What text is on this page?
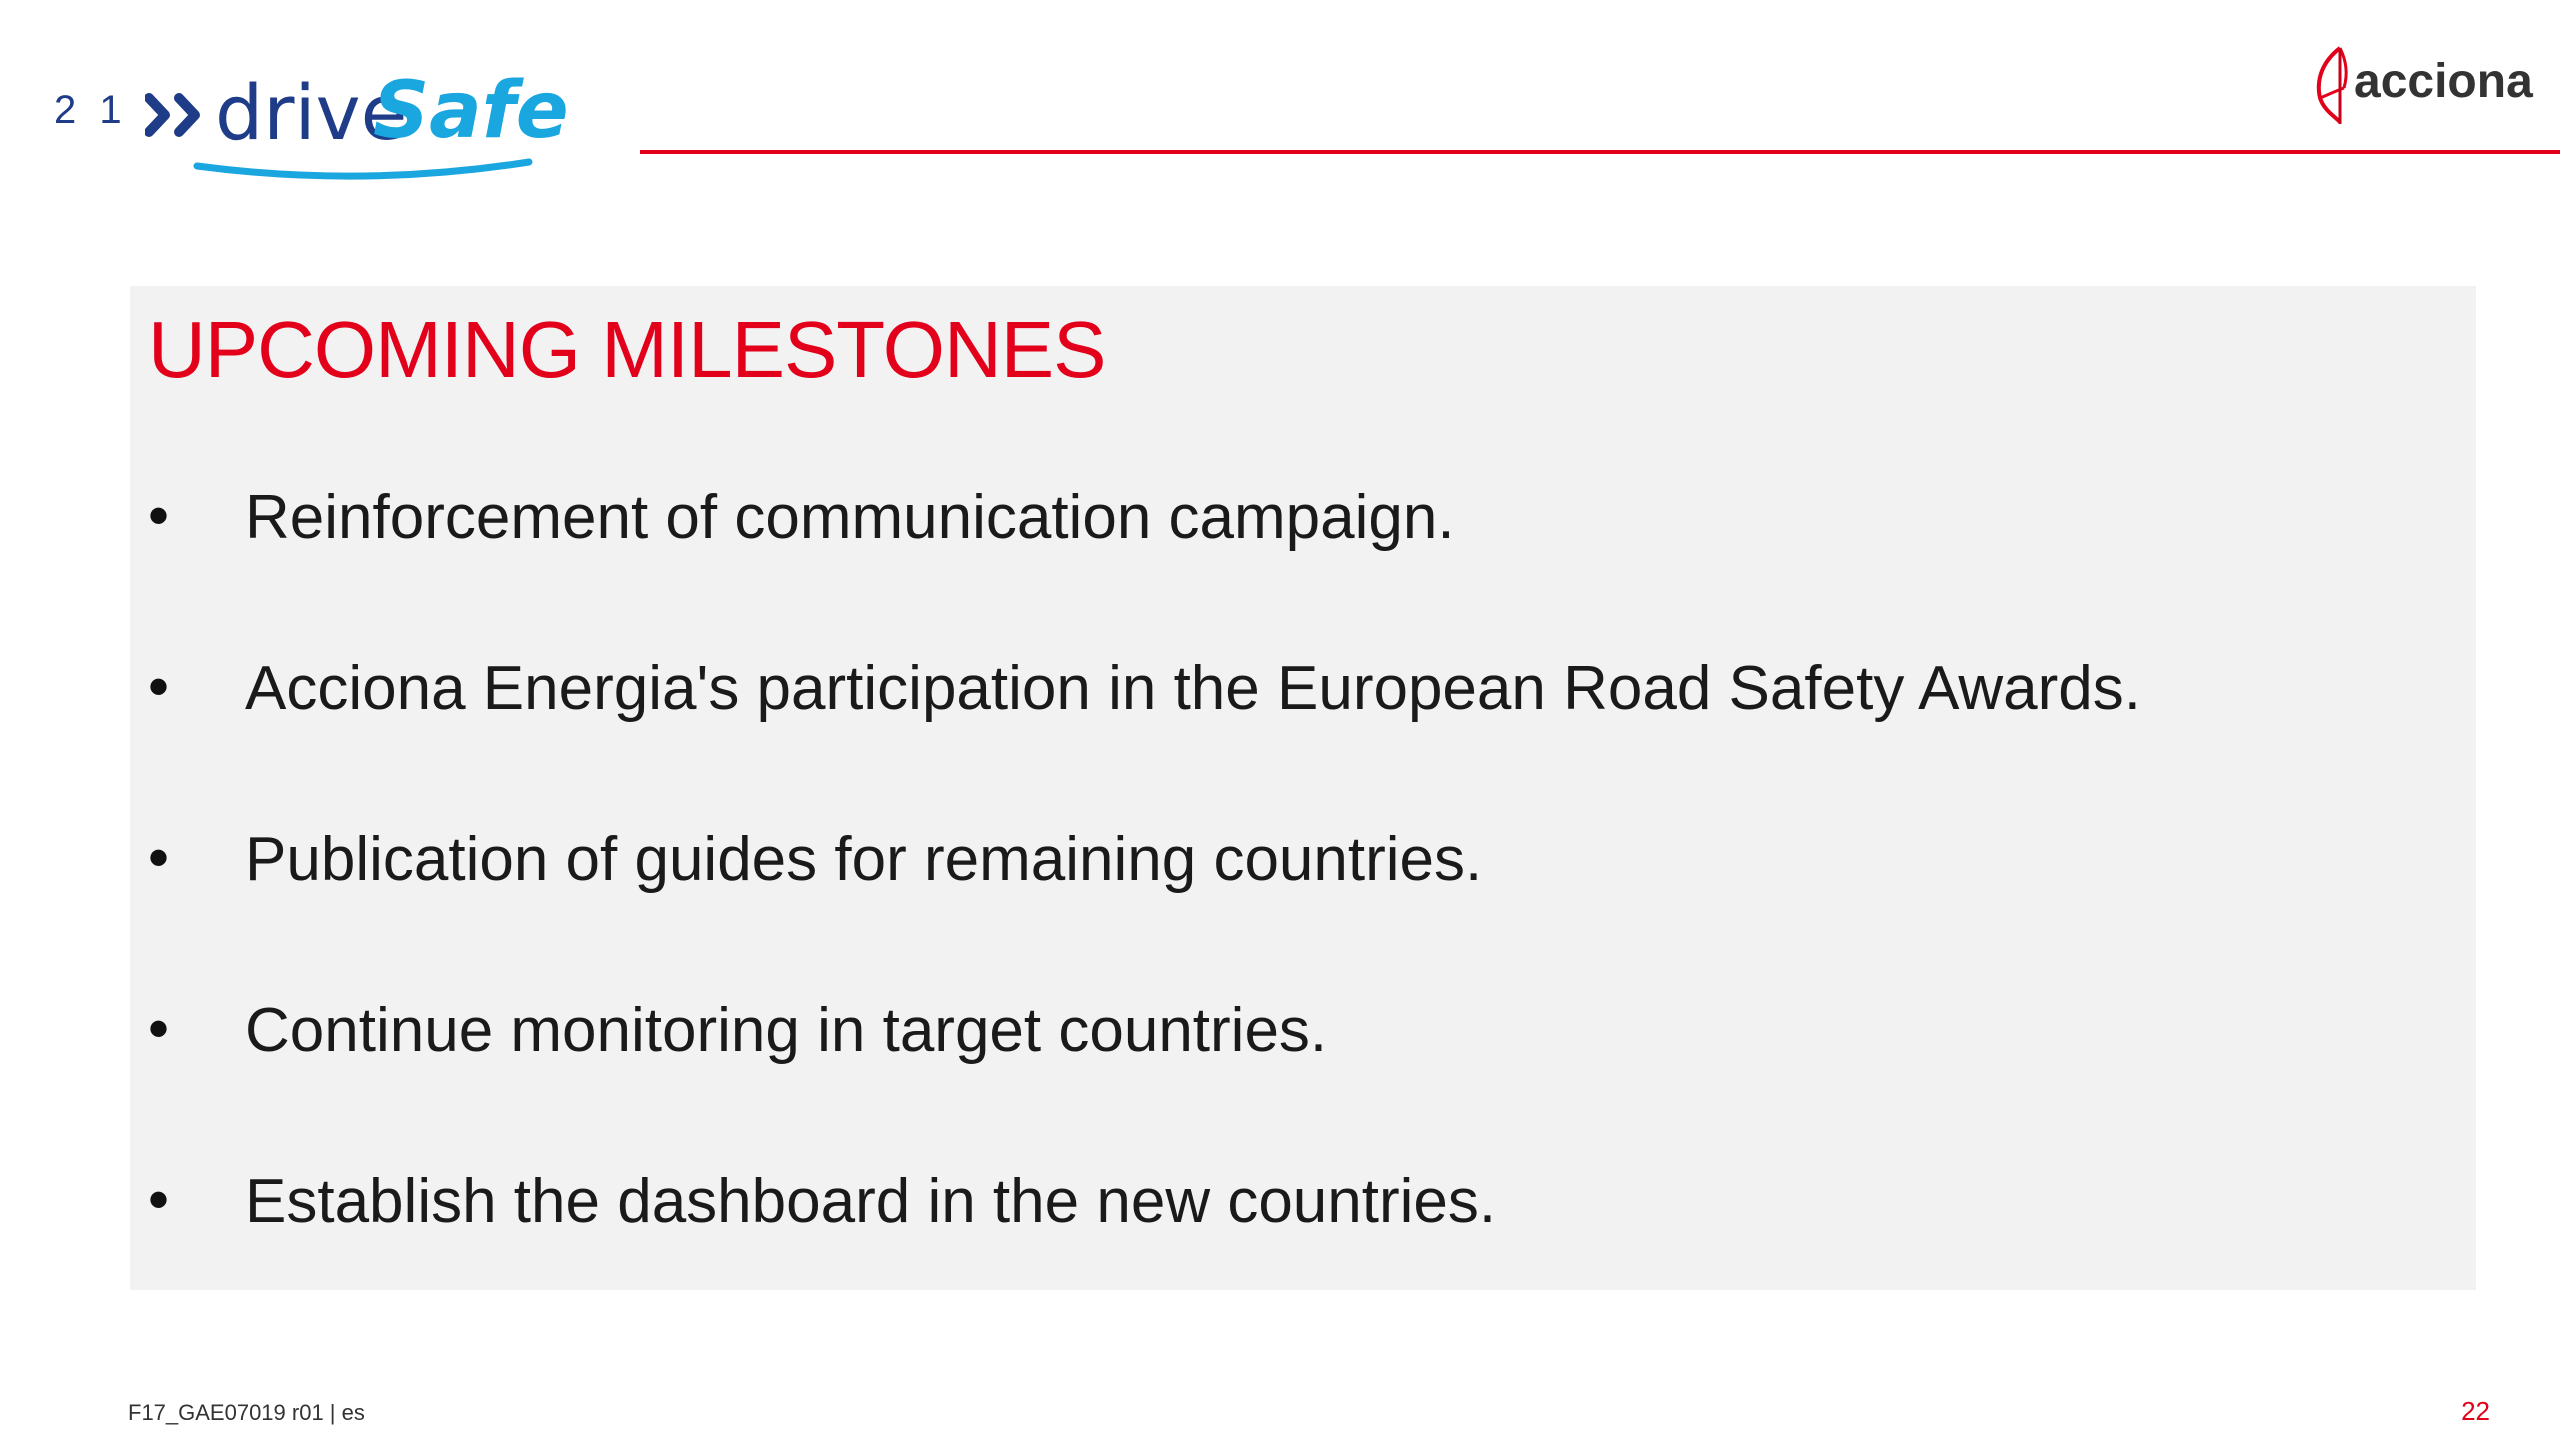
2 1 drive
Safe	acciona
UPCOMING MILESTONES
• Reinforcement of communication campaign.
• Acciona Energia's participation in the European Road Safety Awards.
• Publication of guides for remaining countries.
• Continue monitoring in target countries.
• Establish the dashboard in the new countries.
F17_GAE07019 r01 | es	22
